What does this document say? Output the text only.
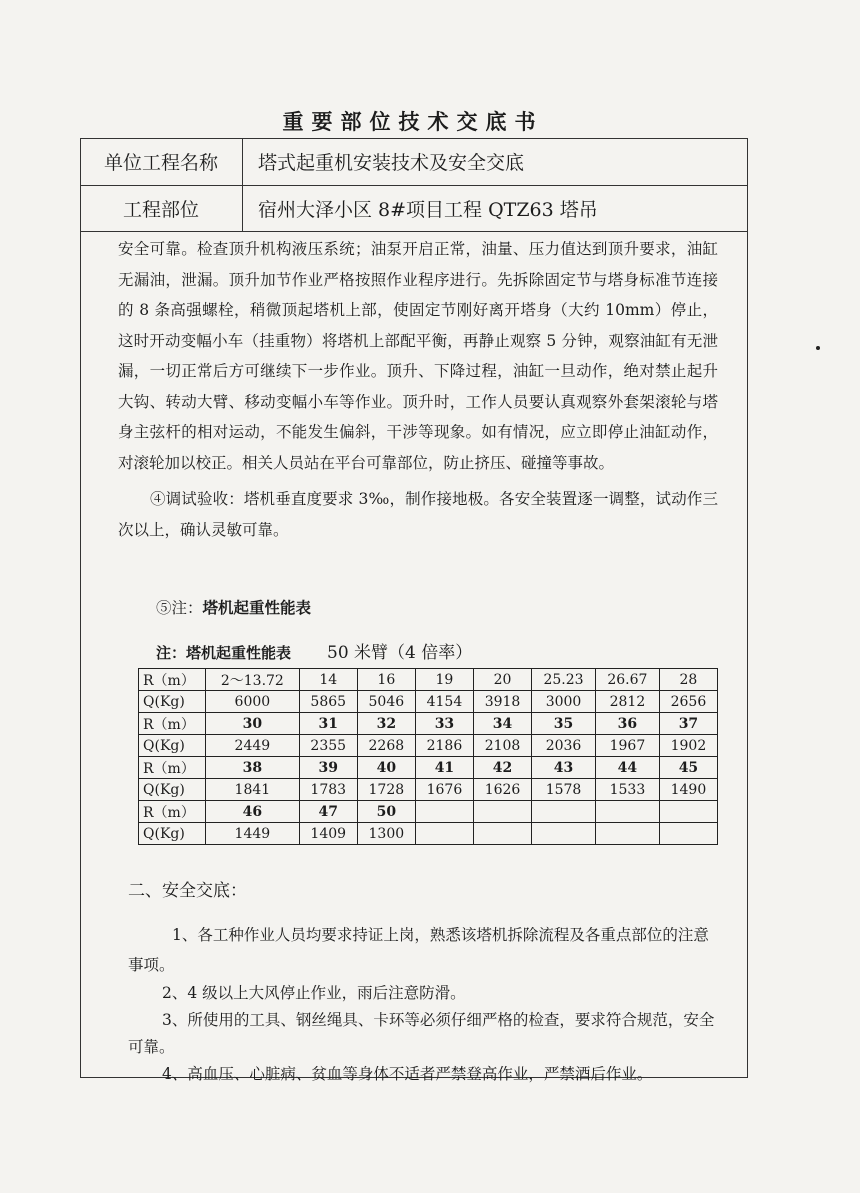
重要部位技术交底书
单位工程名称	塔式起重机安装技术及安全交底
工程部位	宿州大泽小区 8#项目工程 QTZ63 塔吊

安全可靠。检查顶升机构液压系统；油泵开启正常，油量、压力值达到顶升要求，油缸无漏油，泄漏。顶升加节作业严格按照作业程序进行。先拆除固定节与塔身标准节连接的 8 条高强螺栓，稍微顶起塔机上部，使固定节刚好离开塔身（大约 10mm）停止，这时开动变幅小车（挂重物）将塔机上部配平衡，再静止观察 5 分钟，观察油缸有无泄漏，一切正常后方可继续下一步作业。顶升、下降过程，油缸一旦动作，绝对禁止起升大钩、转动大臂、移动变幅小车等作业。顶升时，工作人员要认真观察外套架滚轮与塔身主弦杆的相对运动，不能发生偏斜，干涉等现象。如有情况，应立即停止油缸动作，对滚轮加以校正。相关人员站在平台可靠部位，防止挤压、碰撞等事故。

④调试验收：塔机垂直度要求 3‰，制作接地极。各安全装置逐一调整，试动作三次以上，确认灵敏可靠。

⑤注：塔机起重性能表
注：塔机起重性能表 50 米臂（4 倍率）
R（m）	2～13.72	14	16	19	20	25.23	26.67	28
Q(Kg)	6000	5865	5046	4154	3918	3000	2812	2656
R（m）	30	31	32	33	34	35	36	37
Q(Kg)	2449	2355	2268	2186	2108	2036	1967	1902
R（m）	38	39	40	41	42	43	44	45
Q(Kg)	1841	1783	1728	1676	1626	1578	1533	1490
R（m）	46	47	50					
Q(Kg)	1449	1409	1300					
二、安全交底：

1、各工种作业人员均要求持证上岗，熟悉该塔机拆除流程及各重点部位的注意事项。

2、4 级以上大风停止作业，雨后注意防滑。

3、所使用的工具、钢丝绳具、卡环等必须仔细严格的检查，要求符合规范，安全可靠。

4、高血压、心脏病、贫血等身体不适者严禁登高作业，严禁酒后作业。
